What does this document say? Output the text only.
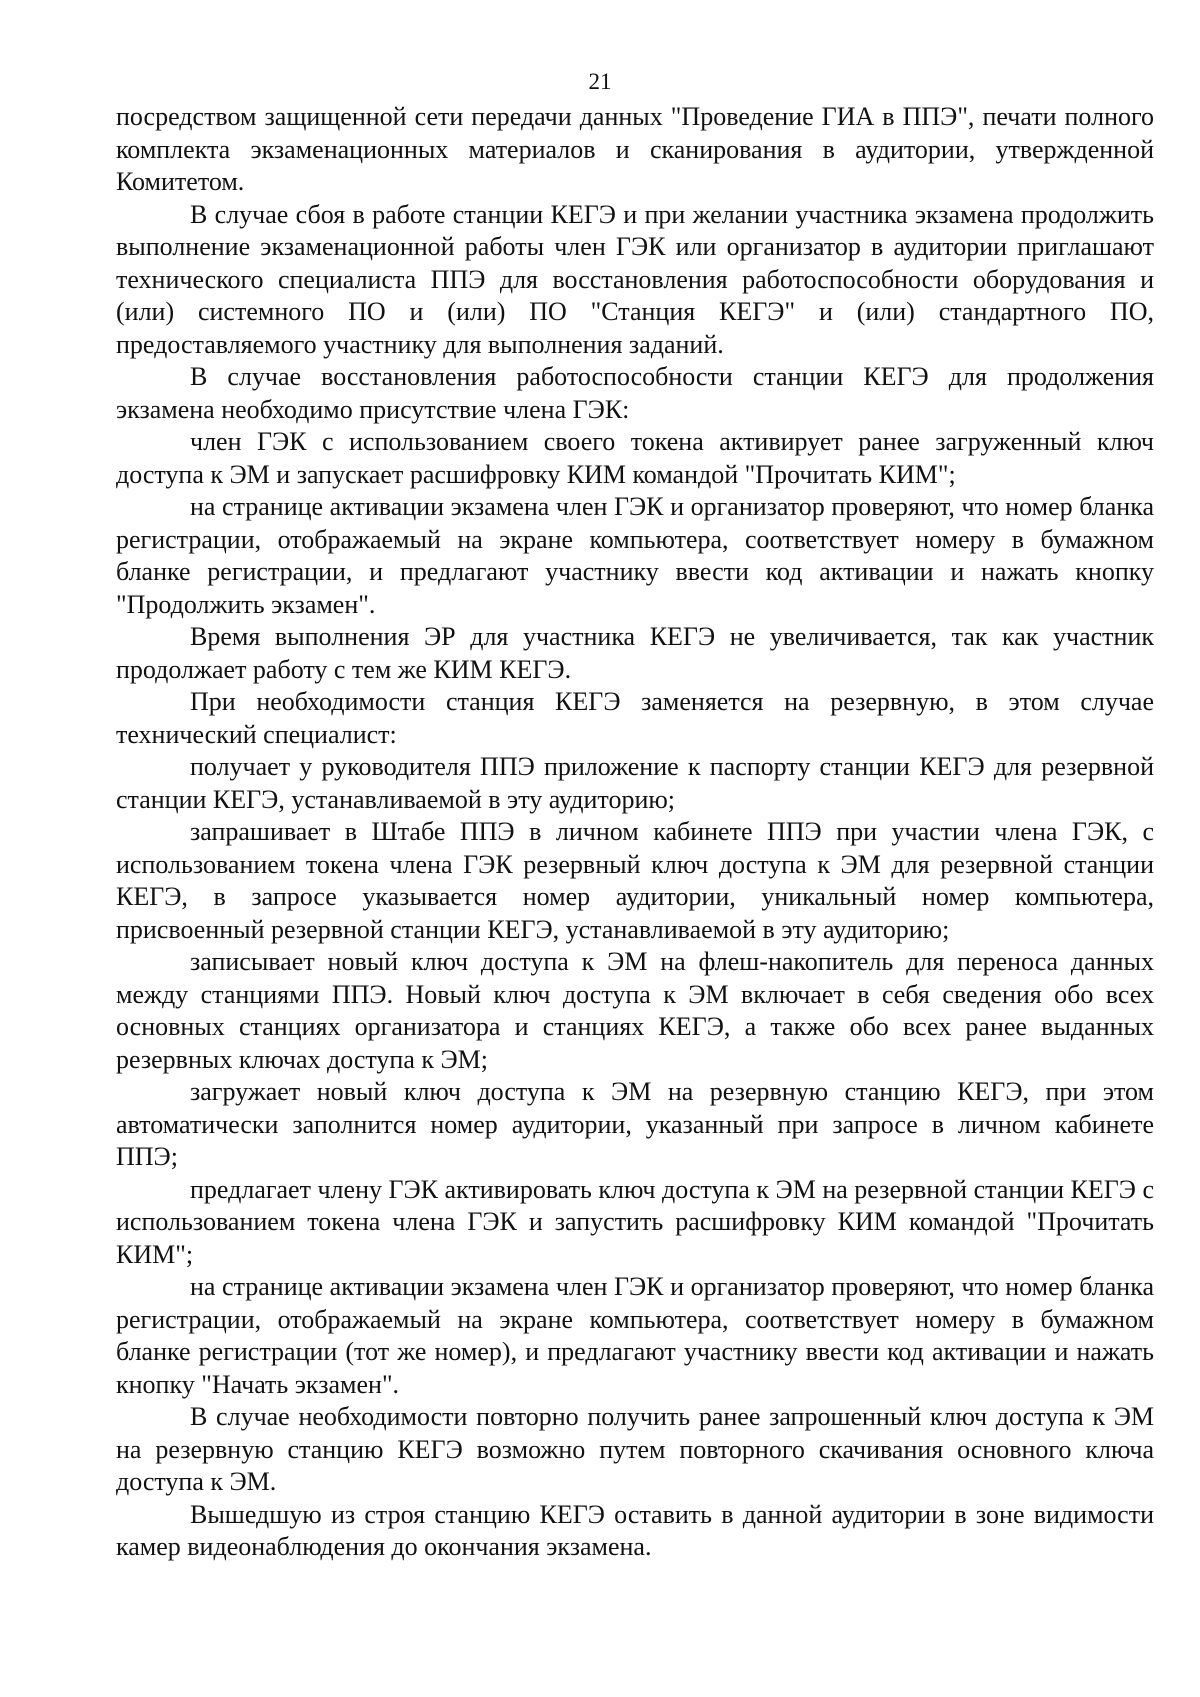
21

посредством защищенной сети передачи данных "Проведение ГИА в ППЭ", печати полного комплекта экзаменационных материалов и сканирования в аудитории, утвержденной Комитетом.

В случае сбоя в работе станции КЕГЭ и при желании участника экзамена продолжить выполнение экзаменационной работы член ГЭК или организатор в аудитории приглашают технического специалиста ППЭ для восстановления работоспособности оборудования и (или) системного ПО и (или) ПО "Станция КЕГЭ" и (или) стандартного ПО, предоставляемого участнику для выполнения заданий.

В случае восстановления работоспособности станции КЕГЭ для продолжения экзамена необходимо присутствие члена ГЭК:

член ГЭК с использованием своего токена активирует ранее загруженный ключ доступа к ЭМ и запускает расшифровку КИМ командой "Прочитать КИМ";

на странице активации экзамена член ГЭК и организатор проверяют, что номер бланка регистрации, отображаемый на экране компьютера, соответствует номеру в бумажном бланке регистрации, и предлагают участнику ввести код активации и нажать кнопку "Продолжить экзамен".

Время выполнения ЭР для участника КЕГЭ не увеличивается, так как участник продолжает работу с тем же КИМ КЕГЭ.

При необходимости станция КЕГЭ заменяется на резервную, в этом случае технический специалист:

получает у руководителя ППЭ приложение к паспорту станции КЕГЭ для резервной станции КЕГЭ, устанавливаемой в эту аудиторию;

запрашивает в Штабе ППЭ в личном кабинете ППЭ при участии члена ГЭК, с использованием токена члена ГЭК резервный ключ доступа к ЭМ для резервной станции КЕГЭ, в запросе указывается номер аудитории, уникальный номер компьютера, присвоенный резервной станции КЕГЭ, устанавливаемой в эту аудиторию;

записывает новый ключ доступа к ЭМ на флеш-накопитель для переноса данных между станциями ППЭ. Новый ключ доступа к ЭМ включает в себя сведения обо всех основных станциях организатора и станциях КЕГЭ, а также обо всех ранее выданных резервных ключах доступа к ЭМ;

загружает новый ключ доступа к ЭМ на резервную станцию КЕГЭ, при этом автоматически заполнится номер аудитории, указанный при запросе в личном кабинете ППЭ;

предлагает члену ГЭК активировать ключ доступа к ЭМ на резервной станции КЕГЭ с использованием токена члена ГЭК и запустить расшифровку КИМ командой "Прочитать КИМ";

на странице активации экзамена член ГЭК и организатор проверяют, что номер бланка регистрации, отображаемый на экране компьютера, соответствует номеру в бумажном бланке регистрации (тот же номер), и предлагают участнику ввести код активации и нажать кнопку "Начать экзамен".

В случае необходимости повторно получить ранее запрошенный ключ доступа к ЭМ на резервную станцию КЕГЭ возможно путем повторного скачивания основного ключа доступа к ЭМ.

Вышедшую из строя станцию КЕГЭ оставить в данной аудитории в зоне видимости камер видеонаблюдения до окончания экзамена.
